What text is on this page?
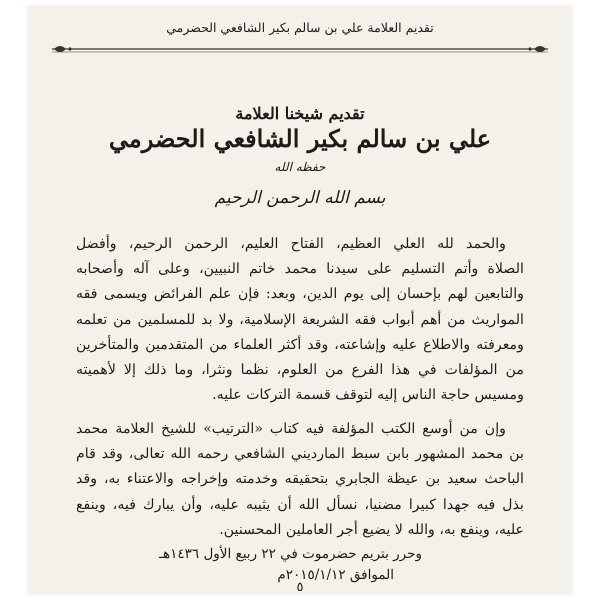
تقديم العلامة علي بن سالم بكير الشافعي الحضرمي
تقديم شيخنا العلامة
علي بن سالم بكير الشافعي الحضرمي
حفظه الله
بسم الله الرحمن الرحيم
والحمد لله العلي العظيم، الفتاح العليم، الرحمن الرحيم، وأفضل
الصلاة وأتم التسليم على سيدنا محمد خاتم النبيين، وعلى آله وأصحابه
والتابعين لهم بإحسان إلى يوم الدين، وبعد: فإن علم الفرائض ويسمى فقه
المواريث من أهم أبواب فقه الشريعة الإسلامية، ولا بد للمسلمين من تعلمه
ومعرفته والاطلاع عليه وإشاعته، وقد أكثر العلماء من المتقدمين والمتأخرين
من المؤلفات في هذا الفرع من العلوم، نظما ونثرا، وما ذلك إلا لأهميته
ومسيس حاجة الناس إليه لتوقف قسمة التركات عليه.
وإن من أوسع الكتب المؤلفة فيه كتاب «الترتيب» للشيخ العلامة محمد
بن محمد المشهور بابن سبط المارديني الشافعي رحمه الله تعالى، وقد قام
الباحث سعيد بن عيظة الجابري بتحقيقه وخدمته وإخراجه والاعتناء به، وقد
بذل فيه جهدا كبيرا مضنيا، نسأل الله أن يثيبه عليه، وأن يبارك فيه، وينفع
عليه، وينفع به، والله لا يضيع أجر العاملين المحسنين.
وحرر بتريم حضرموت في ٢٢ ربيع الأول ١٤٣٦هـ
الموافق ٢٠١٥/١/١٢م
٥
